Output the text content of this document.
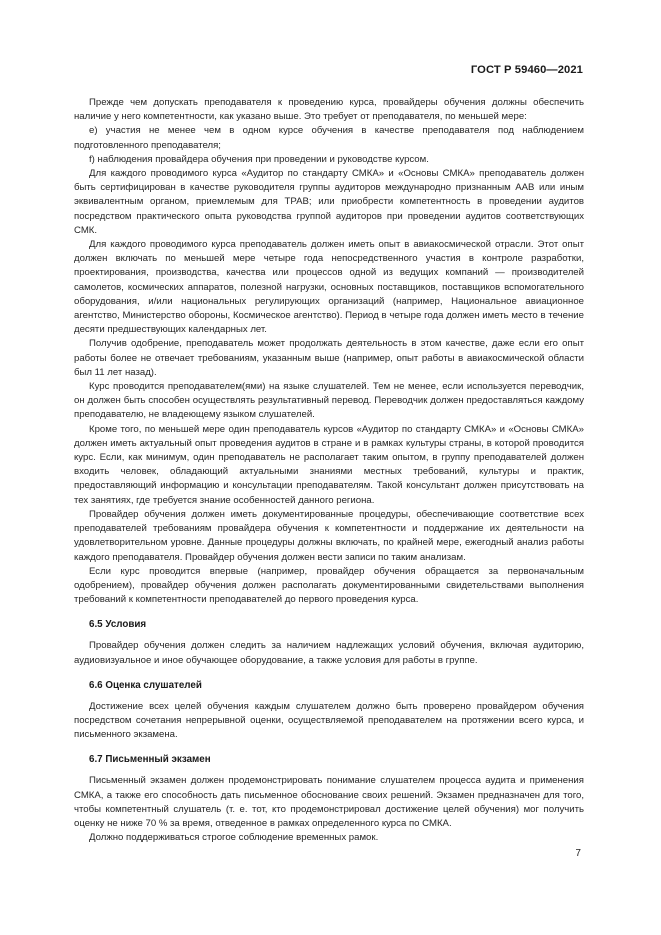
ГОСТ Р 59460—2021

Прежде чем допускать преподавателя к проведению курса, провайдеры обучения должны обеспечить наличие у него компетентности, как указано выше. Это требует от преподавателя, по меньшей мере:

e) участия не менее чем в одном курсе обучения в качестве преподавателя под наблюдением подготовленного преподавателя;

f) наблюдения провайдера обучения при проведении и руководстве курсом.

Для каждого проводимого курса «Аудитор по стандарту СМКА» и «Основы СМКА» преподаватель должен быть сертифицирован в качестве руководителя группы аудиторов международно признанным ААВ или иным эквивалентным органом, приемлемым для TPAB; или приобрести компетентность в проведении аудитов посредством практического опыта руководства группой аудиторов при проведении аудитов соответствующих СМК.

Для каждого проводимого курса преподаватель должен иметь опыт в авиакосмической отрасли. Этот опыт должен включать по меньшей мере четыре года непосредственного участия в контроле разработки, проектирования, производства, качества или процессов одной из ведущих компаний — производителей самолетов, космических аппаратов, полезной нагрузки, основных поставщиков, поставщиков вспомогательного оборудования, и/или национальных регулирующих организаций (например, Национальное авиационное агентство, Министерство обороны, Космическое агентство). Период в четыре года должен иметь место в течение десяти предшествующих календарных лет.

Получив одобрение, преподаватель может продолжать деятельность в этом качестве, даже если его опыт работы более не отвечает требованиям, указанным выше (например, опыт работы в авиакосмической области был 11 лет назад).

Курс проводится преподавателем(ями) на языке слушателей. Тем не менее, если используется переводчик, он должен быть способен осуществлять результативный перевод. Переводчик должен предоставляться каждому преподавателю, не владеющему языком слушателей.

Кроме того, по меньшей мере один преподаватель курсов «Аудитор по стандарту СМКА» и «Основы СМКА» должен иметь актуальный опыт проведения аудитов в стране и в рамках культуры страны, в которой проводится курс. Если, как минимум, один преподаватель не располагает таким опытом, в группу преподавателей должен входить человек, обладающий актуальными знаниями местных требований, культуры и практик, предоставляющий информацию и консультации преподавателям. Такой консультант должен присутствовать на тех занятиях, где требуется знание особенностей данного региона.

Провайдер обучения должен иметь документированные процедуры, обеспечивающие соответствие всех преподавателей требованиям провайдера обучения к компетентности и поддержание их деятельности на удовлетворительном уровне. Данные процедуры должны включать, по крайней мере, ежегодный анализ работы каждого преподавателя. Провайдер обучения должен вести записи по таким анализам.

Если курс проводится впервые (например, провайдер обучения обращается за первоначальным одобрением), провайдер обучения должен располагать документированными свидетельствами выполнения требований к компетентности преподавателей до первого проведения курса.

6.5 Условия

Провайдер обучения должен следить за наличием надлежащих условий обучения, включая аудиторию, аудиовизуальное и иное обучающее оборудование, а также условия для работы в группе.

6.6 Оценка слушателей

Достижение всех целей обучения каждым слушателем должно быть проверено провайдером обучения посредством сочетания непрерывной оценки, осуществляемой преподавателем на протяжении всего курса, и письменного экзамена.

6.7 Письменный экзамен

Письменный экзамен должен продемонстрировать понимание слушателем процесса аудита и применения СМКА, а также его способность дать письменное обоснование своих решений. Экзамен предназначен для того, чтобы компетентный слушатель (т. е. тот, кто продемонстрировал достижение целей обучения) мог получить оценку не ниже 70 % за время, отведенное в рамках определенного курса по СМКА.

Должно поддерживаться строгое соблюдение временных рамок.

7
